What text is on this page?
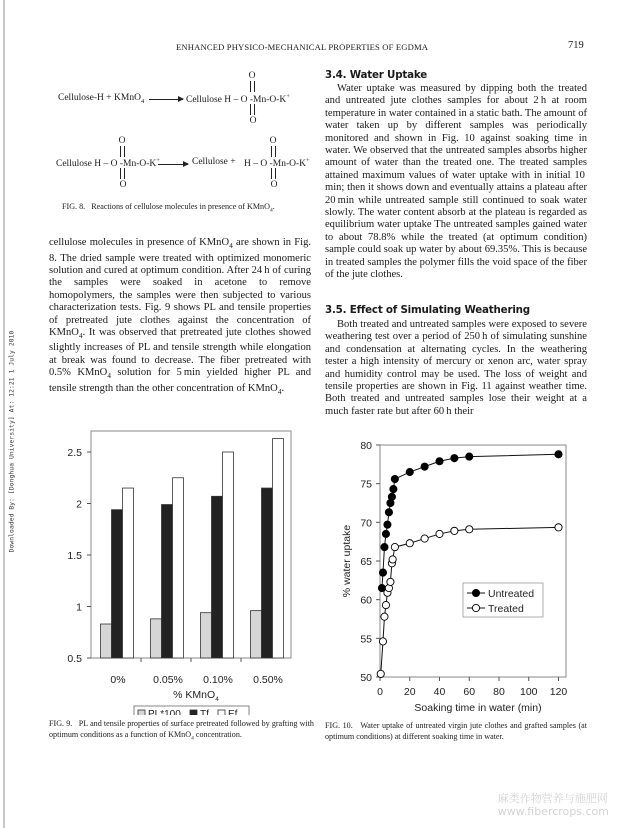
Downloaded By: [Donghua University] At: 12:21 1 July 2010
ENHANCED PHYSICO-MECHANICAL PROPERTIES OF EGDMA	719
Cellulose-H + KMnO$_4$ → Cellulose H – O -Mn-O-K+
O
O
Cellulose H – O -Mn-O-K+
O
O
→ Cellulose + H – O -Mn-O-K+
O
O
FIG. 8. Reactions of cellulose molecules in presence of KMnO$_4$.

cellulose molecules in presence of KMnO$_4$ are shown in Fig. 8. The dried sample were treated with optimized monomeric solution and cured at optimum condition. After 24 h of curing the samples were soaked in acetone to remove homopolymers, the samples were then subjected to various characterization tests. Fig. 9 shows PL and tensile properties of pretreated jute clothes against the concentration of KMnO$_4$. It was observed that pretreated jute clothes showed slightly increases of PL and tensile strength while elongation at break was found to decrease. The fiber pretreated with 0.5% KMnO$_4$ solution for 5 min yielded higher PL and tensile strength than the other concentration of KMnO$_4$.

3.4. Water Uptake

Water uptake was measured by dipping both the treated and untreated jute clothes samples for about 2 h at room temperature in water contained in a static bath. The amount of water taken up by different samples was periodically monitored and shown in Fig. 10 against soaking time in water. We observed that the untreated samples absorbs higher amount of water than the treated one. The treated samples attained maximum values of water uptake with in initial 10 min; then it shows down and eventually attains a plateau after 20 min while untreated sample still continued to soak water slowly. The water content absorb at the plateau is regarded as equilibrium water uptake The untreated samples gained water to about 78.8% while the treated (at optimum condition) sample could soak up water by about 69.35%. This is because in treated samples the polymer fills the void space of the fiber of the jute clothes.

3.5. Effect of Simulating Weathering

Both treated and untreated samples were exposed to severe weathering test over a period of 250 h of simulating sunshine and condensation at alternating cycles. In the weathering tester a high intensity of mercury or xenon arc, water spray and humidity control may be used. The loss of weight and tensile properties are shown in Fig. 11 against weather time. Both treated and untreated samples lose their weight at a much faster rate but after 60 h their

0.5
1
1.5
2
2.5
0%	0.05% 0.10% 0.50%
% KMnO$_4$
PL*100 Tf Ef
FIG. 9. PL and tensile properties of surface pretreated followed by grafting with optimum conditions as a function of KMnO$_4$ concentration.
50
55
60
65
70
75
80
0 20 40 60 80 100 120
Soaking time in water (min)
% water uptake	Untreated
Treated
FIG. 10. Water uptake of untreated virgin jute clothes and grafted samples (at optimum conditions) at different soaking time in water.
麻类作物营养与施肥网
www.fibercrops.com
